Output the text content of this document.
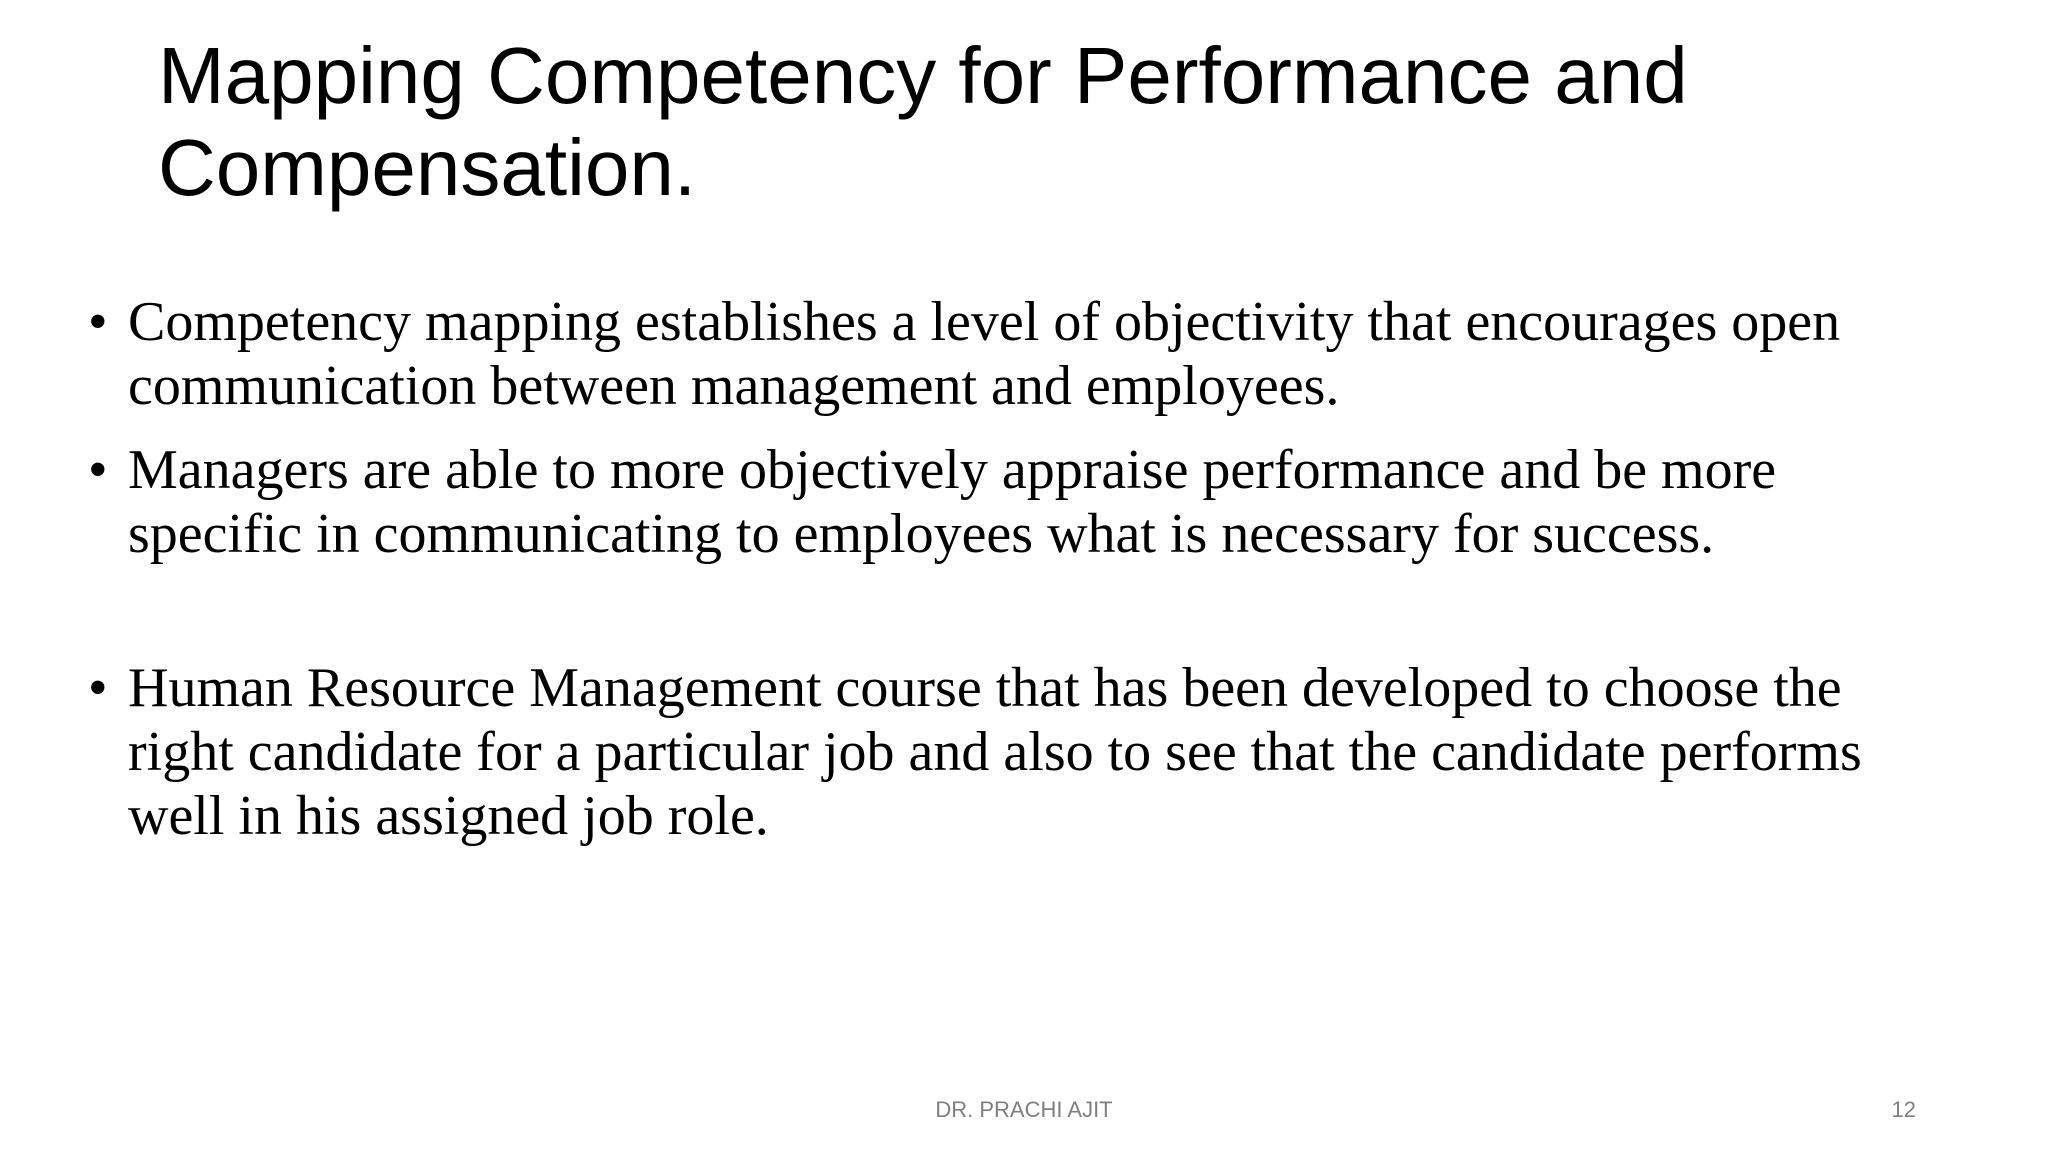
Mapping Competency for Performance and Compensation.
• Competency mapping establishes a level of objectivity that encourages open communication between management and employees.
• Managers are able to more objectively appraise performance and be more specific in communicating to employees what is necessary for success.
• Human Resource Management course that has been developed to choose the right candidate for a particular job and also to see that the candidate performs well in his assigned job role.
DR. PRACHI AJIT	12
